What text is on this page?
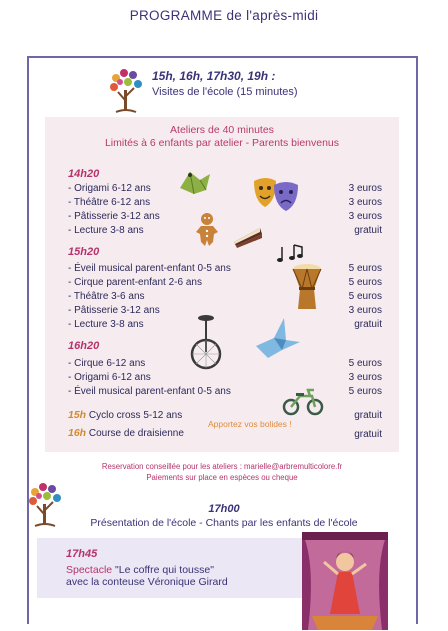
PROGRAMME de l'après-midi
15h, 16h, 17h30, 19h :
Visites de l'école (15 minutes)
Ateliers de 40 minutes
Limités à 6 enfants par atelier - Parents bienvenus
14h20
- Origami 6-12 ans	3 euros
- Théâtre 6-12 ans	3 euros
- Pâtisserie 3-12 ans	3 euros
- Lecture 3-8 ans	gratuit
15h20
- Éveil musical parent-enfant 0-5 ans	5 euros
- Cirque parent-enfant 2-6 ans	5 euros
- Théâtre 3-6 ans	5 euros
- Pâtisserie 3-12 ans	3 euros
- Lecture 3-8 ans	gratuit
16h20
- Cirque 6-12 ans	5 euros
- Origami 6-12 ans	3 euros
- Éveil musical parent-enfant 0-5 ans	5 euros
15h Cyclo cross 5-12 ans	gratuit
16h Course de draisienne	gratuit
Apportez vos bolides !
Reservation conseillée pour les ateliers : marielle@arbremulticolore.fr
Paiements sur place en espèces ou cheque
17h00
Présentation de l'école - Chants par les enfants de l'école
17h45
Spectacle "Le coffre qui tousse"
avec la conteuse Véronique Girard
